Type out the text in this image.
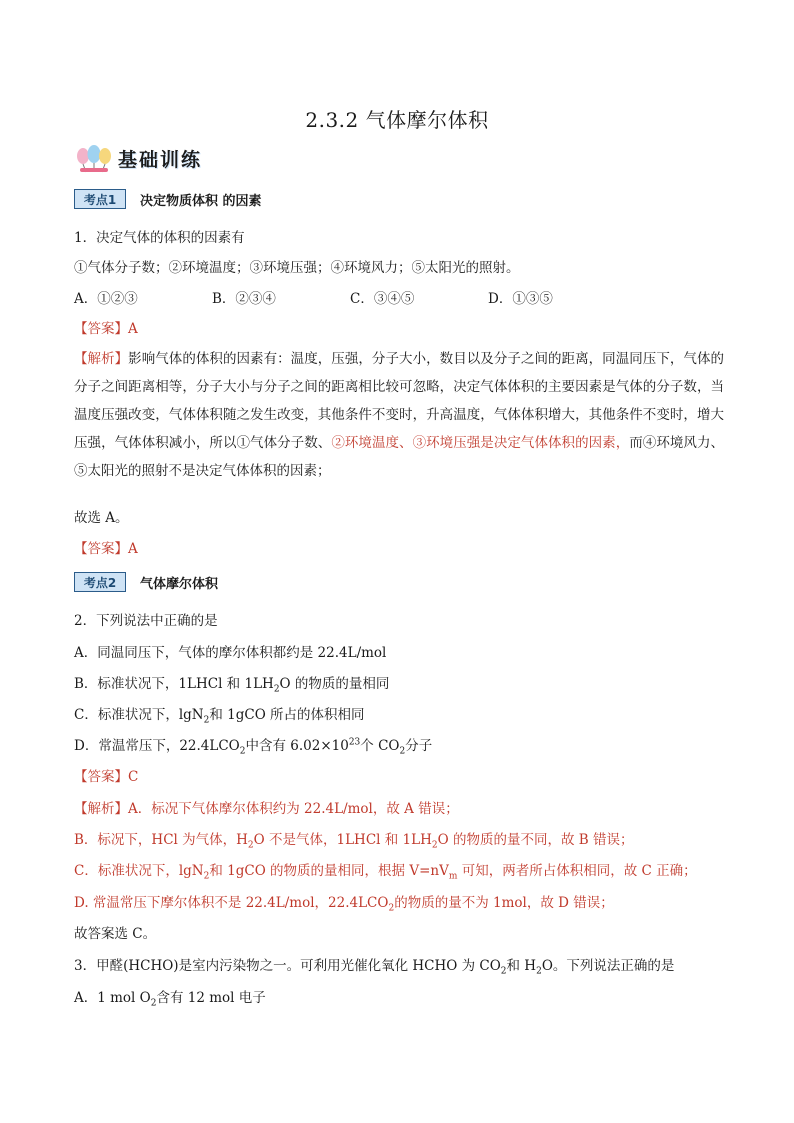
2.3.2 气体摩尔体积
基础训练
考点1	决定物质体积 的因素
1．决定气体的体积的因素有
①气体分子数；②环境温度；③环境压强；④环境风力；⑤太阳光的照射。
A．①②③	B．②③④	C．③④⑤	D．①③⑤
【答案】A
【解析】影响气体的体积的因素有：温度，压强，分子大小，数目以及分子之间的距离，同温同压下，气体的分子之间距离相等，分子大小与分子之间的距离相比较可忽略，决定气体体积的主要因素是气体的分子数，当温度压强改变，气体体积随之发生改变，其他条件不变时，升高温度，气体体积增大，其他条件不变时，增大压强，气体体积减小，所以①气体分子数、②环境温度、③环境压强是决定气体体积的因素，而④环境风力、⑤太阳光的照射不是决定气体体积的因素；
故选 A。
【答案】A
考点2	气体摩尔体积
2．下列说法中正确的是
A．同温同压下，气体的摩尔体积都约是 22.4L/mol
B．标准状况下，1LHCl 和 $1LH_2O$ 的物质的量相同
C．标准状况下，lgN$_2$和 1gCO 所占的体积相同
D．常温常压下，$22.4LCO_2$中含有 $6.02\times 10^{23}$个 $CO_2$分子
【答案】C
【解析】A．标况下气体摩尔体积约为 22.4L/mol，故 A 错误；
B．标况下，HCl 为气体，$H_2O$ 不是气体，1LHCl 和 $1LH_2O$ 的物质的量不同，故 B 错误；
C．标准状况下，lgN$_2$和 1gCO 的物质的量相同，根据 $V=nV_m$ 可知，两者所占体积相同，故 C 正确；
D. 常温常压下摩尔体积不是 22.4L/mol，$22.4LCO_2$的物质的量不为 1mol，故 D 错误；
故答案选 C。
3．甲醛(HCHO)是室内污染物之一。可利用光催化氧化 HCHO 为 $CO_2$和 $H_2O$。下列说法正确的是
A．1 mol $O_2$含有 12 mol 电子
